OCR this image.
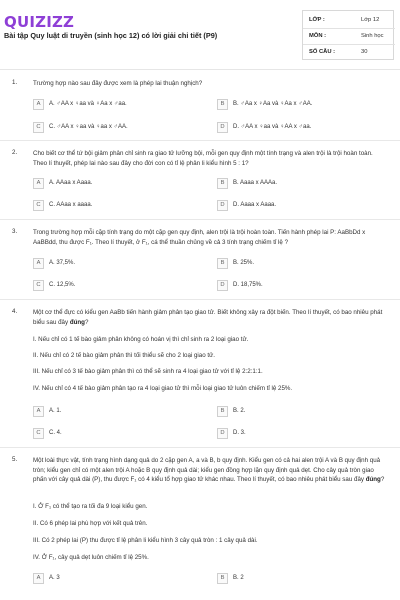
QUIZIZZ
Bài tập Quy luật di truyền (sinh học 12) có lời giải chi tiết (P9)
LỚP :	Lớp 12
MÔN :	Sinh học
SỐ CÂU :	30
1.	Trường hợp nào sau đây được xem là phép lai thuận nghịch?
A	A. ♂AA x ♀aa và ♀Aa x ♂aa.	B	B. ♂Aa x ♀Aa và ♀Aa x ♂AA.
C	C. ♂AA x ♀aa và ♀aa x ♂AA.	D	D. ♂AA x ♀aa và ♀AA x ♂aa.
2.	Cho biết cơ thể tứ bội giảm phân chỉ sinh ra giao tử lưỡng bội, mỗi gen quy định một tính trạng và alen trội là trội hoàn toàn. Theo lí thuyết, phép lai nào sau đây cho đời con có tỉ lệ phân li kiểu hình 5 : 1?
A	A. AAaa x Aaaa.	B	B. Aaaa x AAAa.
C	C. AAaa x aaaa.	D	D. Aaaa x Aaaa.
3.	Trong trường hợp mỗi cặp tính trạng do một cặp gen quy định, alen trội là trội hoàn toàn. Tiến hành phép lai P: AaBbDd x AaBBdd, thu được F₁. Theo lí thuyết, ở F₁, cá thể thuần chủng về cả 3 tính trạng chiếm tỉ lệ ?
A	A. 37,5%.	B	B. 25%.
C	C. 12,5%.	D	D. 18,75%.
4.	Một cơ thể đực có kiểu gen AaBb tiến hành giảm phân tạo giao tử. Biết không xảy ra đột biến. Theo lí thuyết, có bao nhiêu phát biểu sau đây đúng?
I. Nếu chỉ có 1 tế bào giảm phân không có hoán vị thì chỉ sinh ra 2 loại giao tử.
II. Nếu chỉ có 2 tế bào giảm phân thì tối thiểu sẽ cho 2 loại giao tử.
III. Nếu chỉ có 3 tế bào giảm phân thì có thể sẽ sinh ra 4 loại giao tử với tỉ lệ 2:2:1:1.
IV. Nếu chỉ có 4 tế bào giảm phân tạo ra 4 loại giao tử thì mỗi loại giao tử luôn chiếm tỉ lệ 25%.
A	A. 1.	B	B. 2.
C	C. 4.	D	D. 3.
5.	Một loài thực vật, tính trạng hình dạng quả do 2 cặp gen A, a và B, b quy định. Kiểu gen có cả hai alen trội A và B quy định quả tròn; kiểu gen chỉ có một alen trội A hoặc B quy định quả dài; kiểu gen đồng hợp lặn quy định quả dẹt. Cho cây quả tròn giao phấn với cây quả dài (P), thu được F₁ có 4 kiểu tổ hợp giao tử khác nhau. Theo lí thuyết, có bao nhiêu phát biểu sau đây đúng?
I. Ở F₁ có thể tạo ra tối đa 9 loại kiểu gen.
II. Có 6 phép lai phù hợp với kết quả trên.
III. Có 2 phép lai (P) thu được tỉ lệ phân li kiểu hình 3 cây quả tròn : 1 cây quả dài.
IV. Ở F₁, cây quả dẹt luôn chiếm tỉ lệ 25%.
A	A. 3	B	B. 2
